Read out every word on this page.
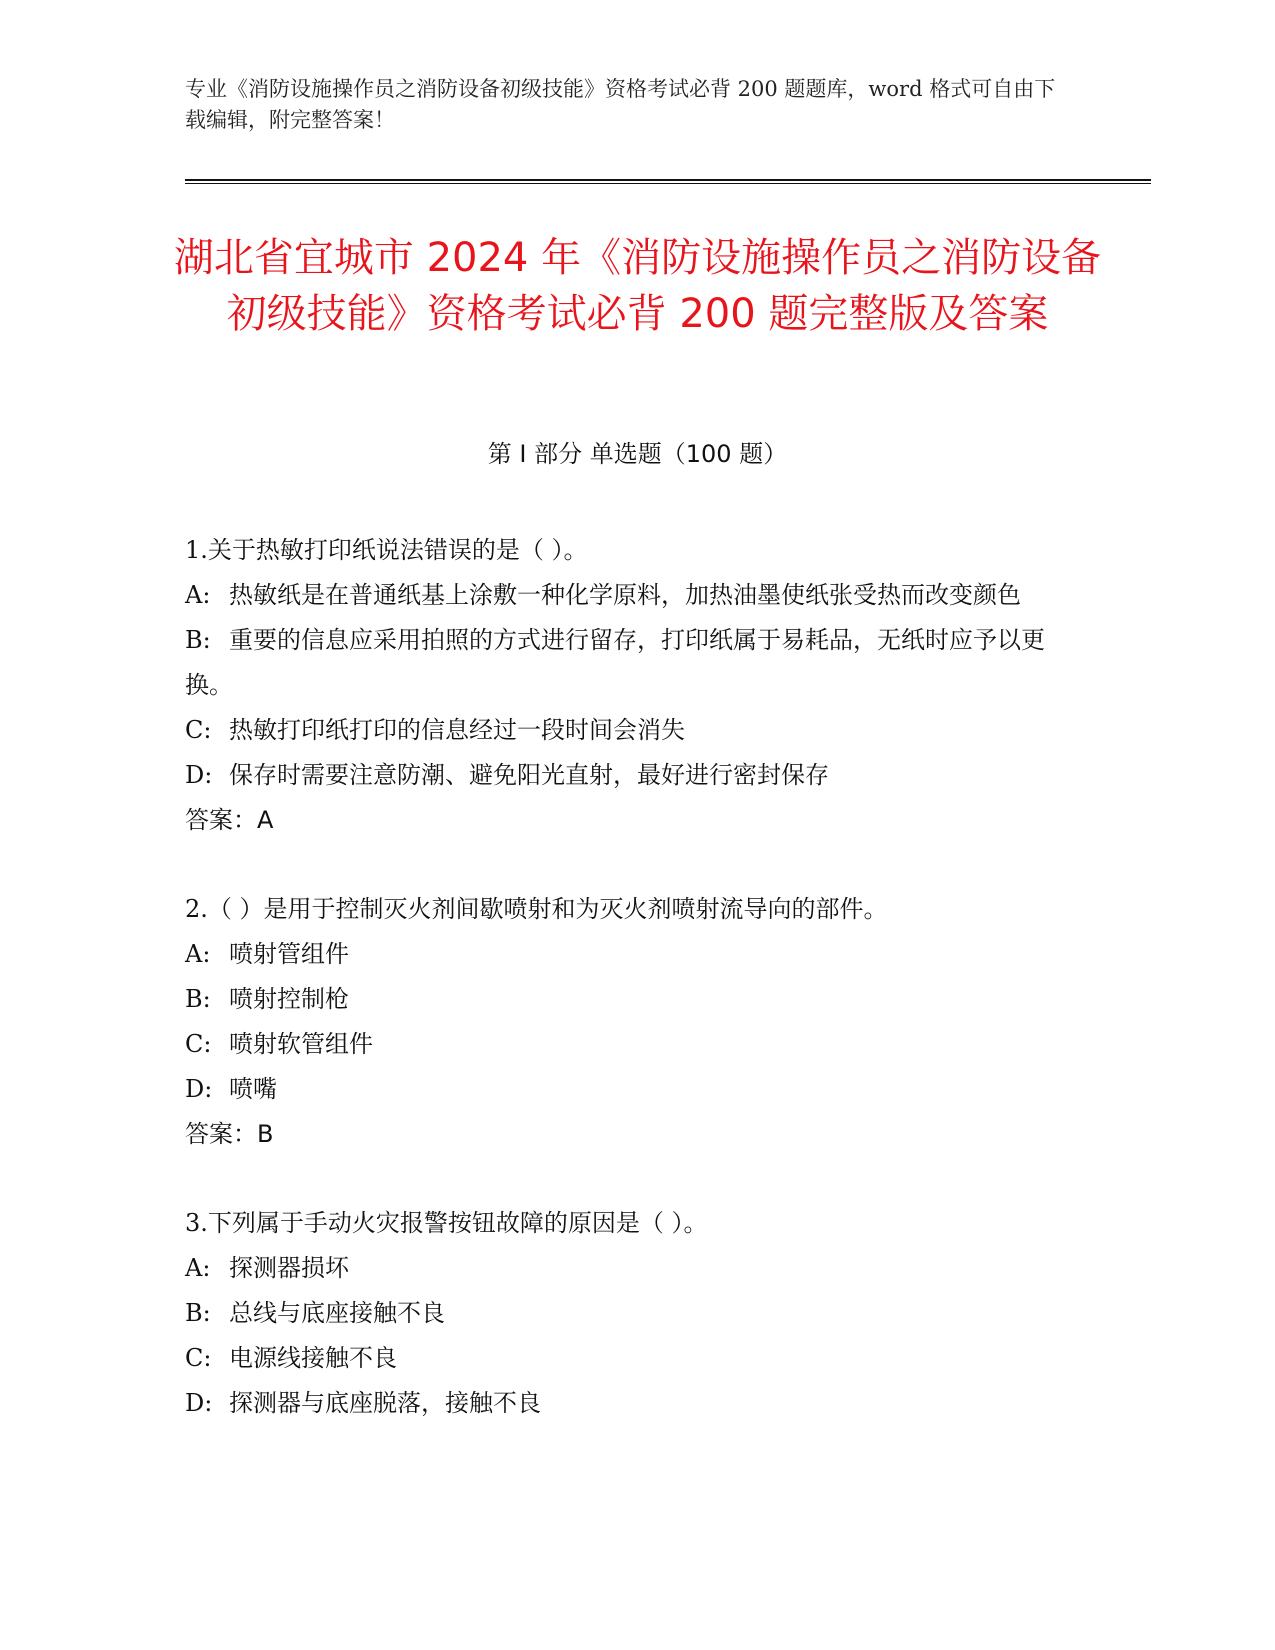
专业《消防设施操作员之消防设备初级技能》资格考试必背 200 题题库，word 格式可自由下载编辑，附完整答案！
湖北省宜城市 2024 年《消防设施操作员之消防设备初级技能》资格考试必背 200 题完整版及答案
第 I 部分 单选题（100 题）

1.关于热敏打印纸说法错误的是（ ）。

A: 热敏纸是在普通纸基上涂敷一种化学原料，加热油墨使纸张受热而改变颜色

B: 重要的信息应采用拍照的方式进行留存，打印纸属于易耗品，无纸时应予以更换。

C: 热敏打印纸打印的信息经过一段时间会消失

D: 保存时需要注意防潮、避免阳光直射，最好进行密封保存

答案：A

2.（ ）是用于控制灭火剂间歇喷射和为灭火剂喷射流导向的部件。

A: 喷射管组件

B: 喷射控制枪

C: 喷射软管组件

D: 喷嘴

答案：B

3.下列属于手动火灾报警按钮故障的原因是（ ）。

A: 探测器损坏

B: 总线与底座接触不良

C: 电源线接触不良

D: 探测器与底座脱落，接触不良
